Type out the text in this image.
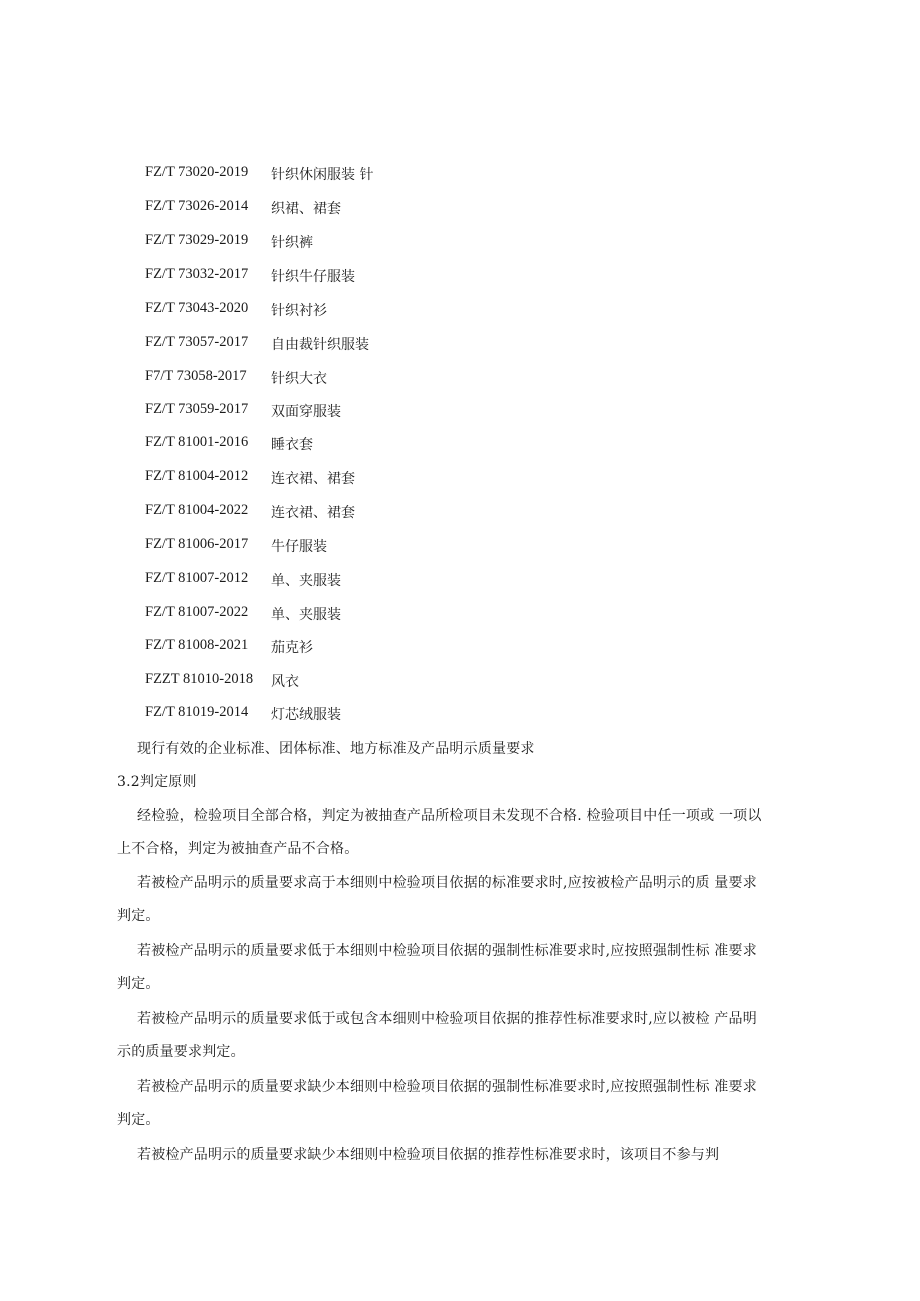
FZ/T 73020-2019 针织休闲服装 针
FZ/T 73026-2014 织裙、裙套
FZ/T 73029-2019 针织裤
FZ/T 73032-2017 针织牛仔服装
FZ/T 73043-2020 针织衬衫
FZ/T 73057-2017 自由裁针织服装
F7/T 73058-2017 针织大衣
FZ/T 73059-2017 双面穿服装
FZ/T 81001-2016 睡衣套
FZ/T 81004-2012 连衣裙、裙套
FZ/T 81004-2022 连衣裙、裙套
FZ/T 81006-2017 牛仔服装
FZ/T 81007-2012 单、夹服装
FZ/T 81007-2022 单、夹服装
FZ/T 81008-2021 茄克衫
FZZT 81010-2018 风衣
FZ/T 81019-2014 灯芯绒服装
现行有效的企业标准、团体标准、地方标准及产品明示质量要求
3.2判定原则
经检验，检验项目全部合格，判定为被抽查产品所检项目未发现不合格. 检验项目中任一项或 一项以
上不合格，判定为被抽查产品不合格。
若被检产品明示的质量要求高于本细则中检验项目依据的标准要求时,应按被检产品明示的质 量要求
判定。
若被检产品明示的质量要求低于本细则中检验项目依据的强制性标准要求时,应按照强制性标 准要求
判定。
若被检产品明示的质量要求低于或包含本细则中检验项目依据的推荐性标准要求时,应以被检 产品明
示的质量要求判定。
若被检产品明示的质量要求缺少本细则中检验项目依据的强制性标准要求时,应按照强制性标 准要求
判定。
若被检产品明示的质量要求缺少本细则中检验项目依据的推荐性标准要求时，该项目不参与判
